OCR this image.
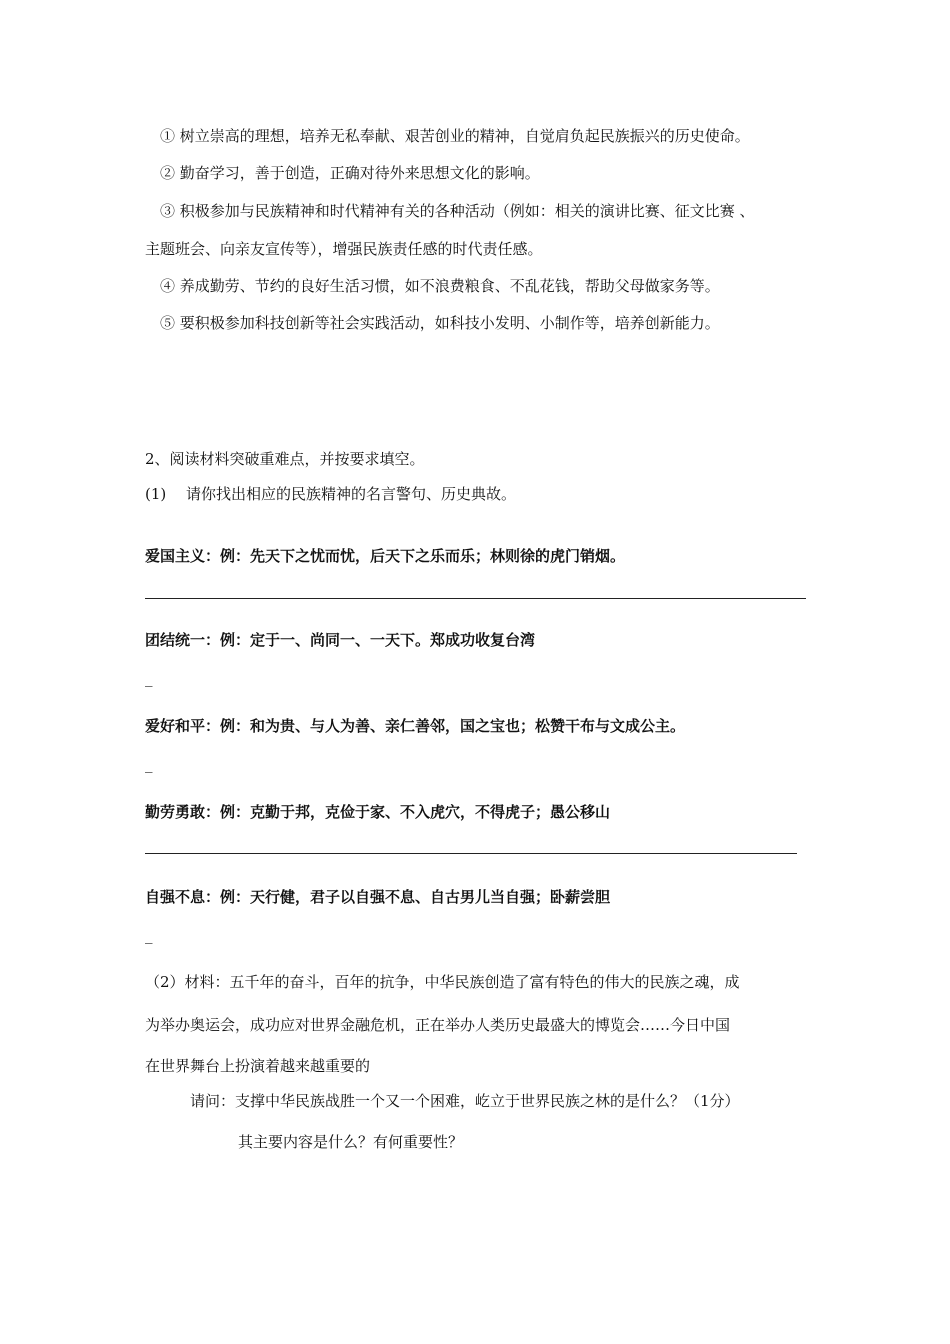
① 树立崇高的理想，培养无私奉献、艰苦创业的精神，自觉肩负起民族振兴的历史使命。
② 勤奋学习，善于创造，正确对待外来思想文化的影响。
③ 积极参加与民族精神和时代精神有关的各种活动（例如：相关的演讲比赛、征文比赛 、
主题班会、向亲友宣传等），增强民族责任感的时代责任感。
④ 养成勤劳、节约的良好生活习惯，如不浪费粮食、不乱花钱，帮助父母做家务等。
⑤ 要积极参加科技创新等社会实践活动，如科技小发明、小制作等，培养创新能力。
2、阅读材料突破重难点，并按要求填空。
(1)　 请你找出相应的民族精神的名言警句、历史典故。
爱国主义：例：先天下之忧而忧，后天下之乐而乐；林则徐的虎门销烟。
团结统一：例：定于一、尚同一、一天下。郑成功收复台湾
_
爱好和平：例：和为贵、与人为善、亲仁善邻，国之宝也；松赞干布与文成公主。
_
勤劳勇敢：例：克勤于邦，克俭于家、不入虎穴，不得虎子；愚公移山
自强不息：例：天行健，君子以自强不息、自古男儿当自强；卧薪尝胆
_
（2）材料：五千年的奋斗，百年的抗争，中华民族创造了富有特色的伟大的民族之魂，成
为举办奥运会，成功应对世界金融危机，正在举办人类历史最盛大的博览会……今日中国
在世界舞台上扮演着越来越重要的
请问：支撑中华民族战胜一个又一个困难，屹立于世界民族之林的是什么？（1分）
其主要内容是什么？有何重要性？
